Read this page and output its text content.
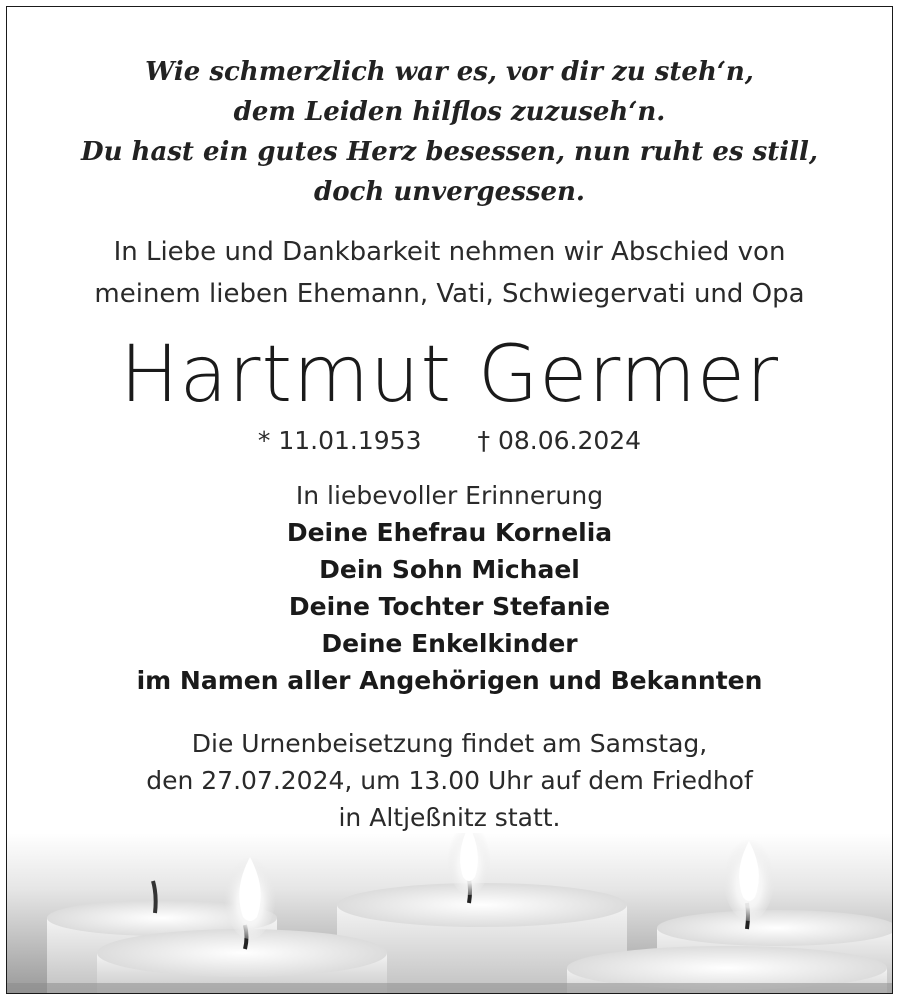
Wie schmerzlich war es, vor dir zu steh‘n,
dem Leiden hilflos zuzuseh‘n.
Du hast ein gutes Herz besessen, nun ruht es still,
doch unvergessen.
In Liebe und Dankbarkeit nehmen wir Abschied von
meinem lieben Ehemann, Vati, Schwiegervati und Opa
Hartmut Germer
* 11.01.1953 † 08.06.2024
In liebevoller Erinnerung
Deine Ehefrau Kornelia
Dein Sohn Michael
Deine Tochter Stefanie
Deine Enkelkinder
im Namen aller Angehörigen und Bekannten
Die Urnenbeisetzung findet am Samstag,
den 27.07.2024, um 13.00 Uhr auf dem Friedhof
in Altjeßnitz statt.
